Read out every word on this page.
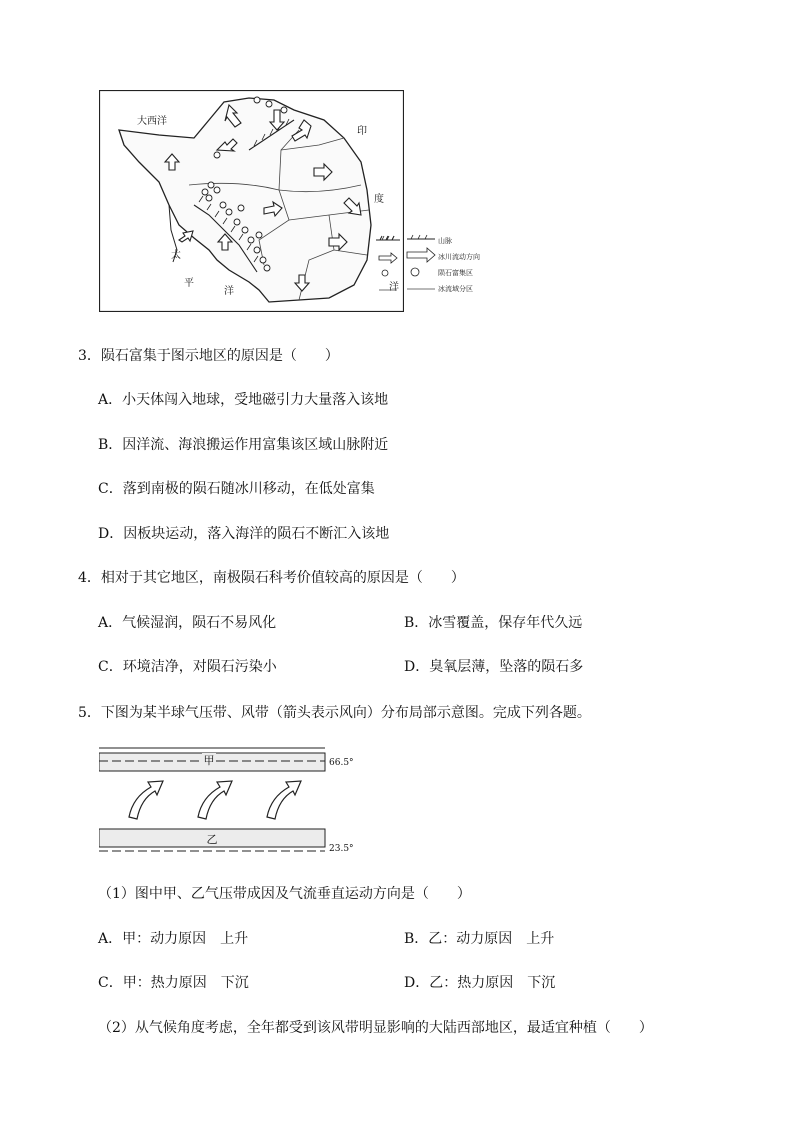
大西洋
印
度
洋
太
平
洋
山脉
冰川流动方向
陨石富集区
冰流域分区
3．陨石富集于图示地区的原因是（　　）
A．小天体闯入地球，受地磁引力大量落入该地
B．因洋流、海浪搬运作用富集该区域山脉附近
C．落到南极的陨石随冰川移动，在低处富集
D．因板块运动，落入海洋的陨石不断汇入该地
4．相对于其它地区，南极陨石科考价值较高的原因是（　　）
A．气候湿润，陨石不易风化	B．冰雪覆盖，保存年代久远
C．环境洁净，对陨石污染小	D．臭氧层薄，坠落的陨石多
5．下图为某半球气压带、风带（箭头表示风向）分布局部示意图。完成下列各题。
甲	66.5°
乙
23.5°
（1）图中甲、乙气压带成因及气流垂直运动方向是（　　）
A．甲：动力原因　上升	B．乙：动力原因　上升
C．甲：热力原因　下沉	D．乙：热力原因　下沉
（2）从气候角度考虑，全年都受到该风带明显影响的大陆西部地区，最适宜种植（　　）
